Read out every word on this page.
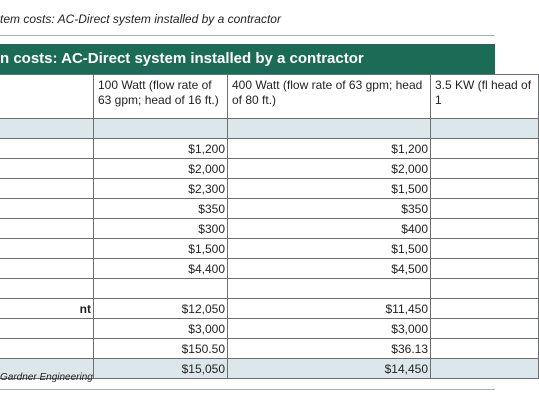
tem costs: AC-Direct system installed by a contractor
n costs: AC-Direct system installed by a contractor
	100 Watt (flow rate of 63 gpm; head of 16 ft.)	400 Watt (flow rate of 63 gpm; head of 80 ft.)	3.5 KW (fl head of 1

	$1,200	$1,200	
	$2,000	$2,000	
	$2,300	$1,500	
	$350	$350	
	$300	$400	
	$1,500	$1,500	
	$4,400	$4,500	

nt	$12,050	$11,450	
	$3,000	$3,000	
	$150.50	$36.13	
	$15,050	$14,450	
Gardner Engineering
